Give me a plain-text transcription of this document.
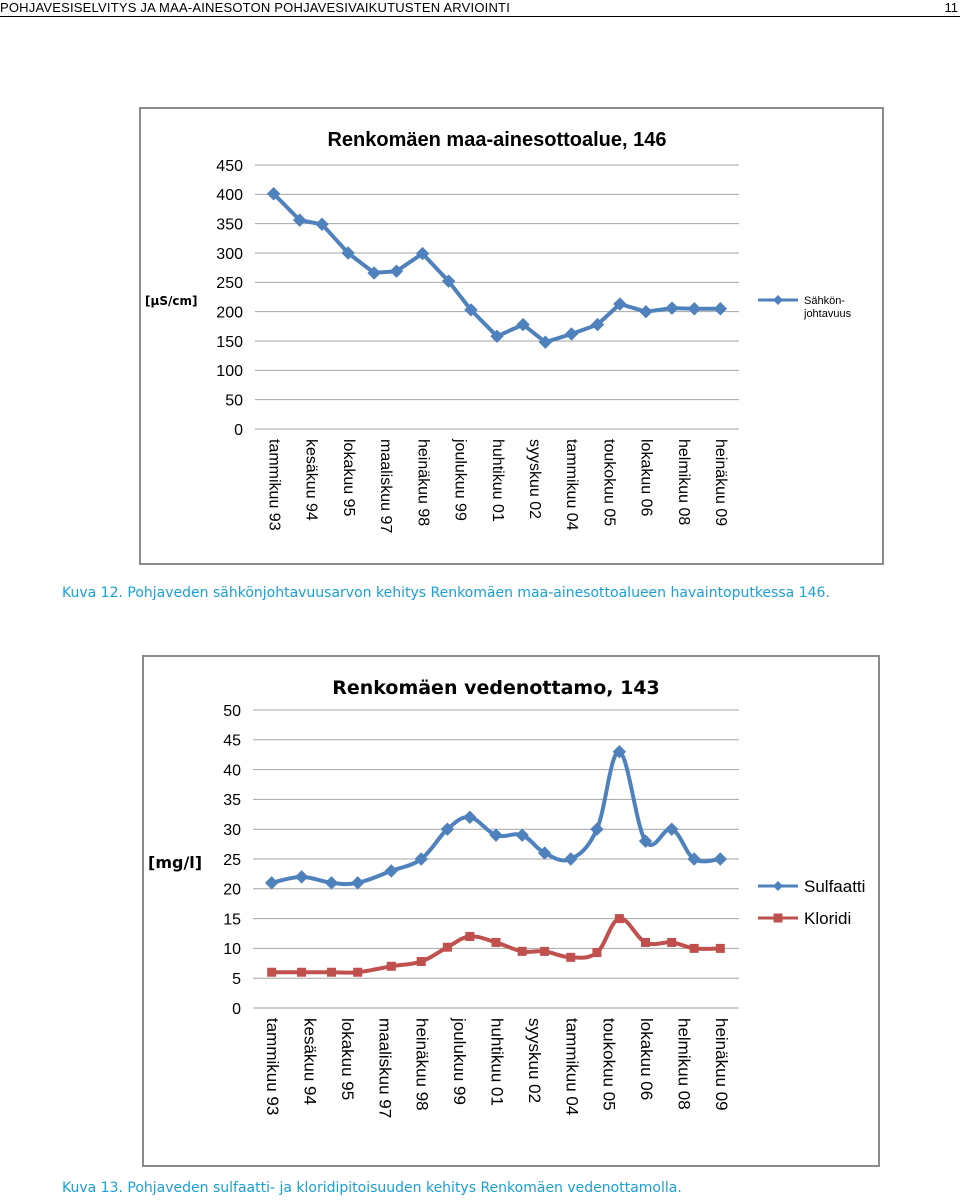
POHJAVESISELVITYS JA MAA-AINESOTON POHJAVESIVAIKUTUSTEN ARVIOINTI	11
Renkomäen maa-ainesottoalue, 146
0
50
100
150
200
250
300
350
400
450
[µS/cm]
tammikuu 93 kesäkuu 94 lokakuu 95 maaliskuu 97 heinäkuu 98 joulukuu 99 huhtikuu 01 syyskuu 02 tammikuu 04 toukokuu 05 lokakuu 06 helmikuu 08 heinäkuu 09
Sähkön-
johtavuus
Kuva 12. Pohjaveden sähkönjohtavuusarvon kehitys Renkomäen maa-ainesottoalueen havaintoputkessa 146.
Renkomäen vedenottamo, 143
0
5
10
15
20
25
30
35
40
45
50
[mg/l]
tammikuu 93 kesäkuu 94 lokakuu 95 maaliskuu 97 heinäkuu 98 joulukuu 99 huhtikuu 01 syyskuu 02 tammikuu 04 toukokuu 05 lokakuu 06 helmikuu 08 heinäkuu 09
Sulfaatti
Kloridi
Kuva 13. Pohjaveden sulfaatti- ja kloridipitoisuuden kehitys Renkomäen vedenottamolla.
